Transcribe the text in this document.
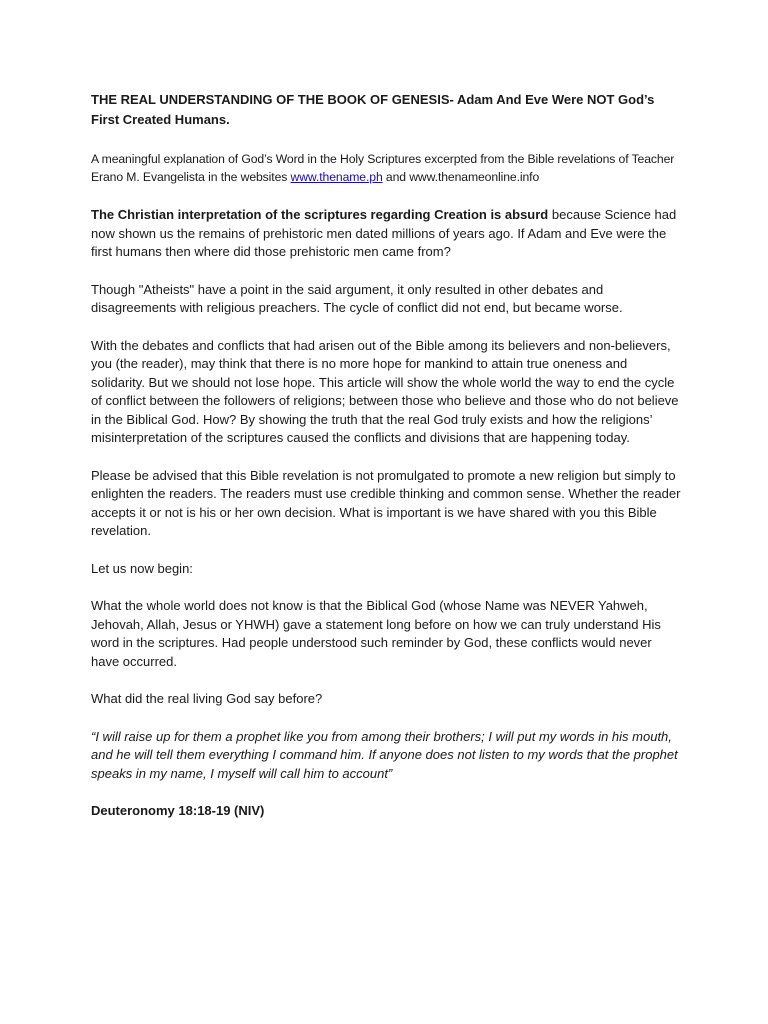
THE REAL UNDERSTANDING OF THE BOOK OF GENESIS- Adam And Eve Were NOT God’s First Created Humans.

A meaningful explanation of God’s Word in the Holy Scriptures excerpted from the Bible revelations of Teacher Erano M. Evangelista in the websites www.thename.ph and www.thenameonline.info

The Christian interpretation of the scriptures regarding Creation is absurd because Science had now shown us the remains of prehistoric men dated millions of years ago. If Adam and Eve were the first humans then where did those prehistoric men came from?

Though "Atheists" have a point in the said argument, it only resulted in other debates and disagreements with religious preachers. The cycle of conflict did not end, but became worse.

With the debates and conflicts that had arisen out of the Bible among its believers and non-believers, you (the reader), may think that there is no more hope for mankind to attain true oneness and solidarity. But we should not lose hope. This article will show the whole world the way to end the cycle of conflict between the followers of religions; between those who believe and those who do not believe in the Biblical God. How? By showing the truth that the real God truly exists and how the religions’ misinterpretation of the scriptures caused the conflicts and divisions that are happening today.

Please be advised that this Bible revelation is not promulgated to promote a new religion but simply to enlighten the readers. The readers must use credible thinking and common sense. Whether the reader accepts it or not is his or her own decision. What is important is we have shared with you this Bible revelation.

Let us now begin:

What the whole world does not know is that the Biblical God (whose Name was NEVER Yahweh, Jehovah, Allah, Jesus or YHWH) gave a statement long before on how we can truly understand His word in the scriptures. Had people understood such reminder by God, these conflicts would never have occurred.

What did the real living God say before?

“I will raise up for them a prophet like you from among their brothers; I will put my words in his mouth, and he will tell them everything I command him. If anyone does not listen to my words that the prophet speaks in my name, I myself will call him to account”

Deuteronomy 18:18-19 (NIV)
